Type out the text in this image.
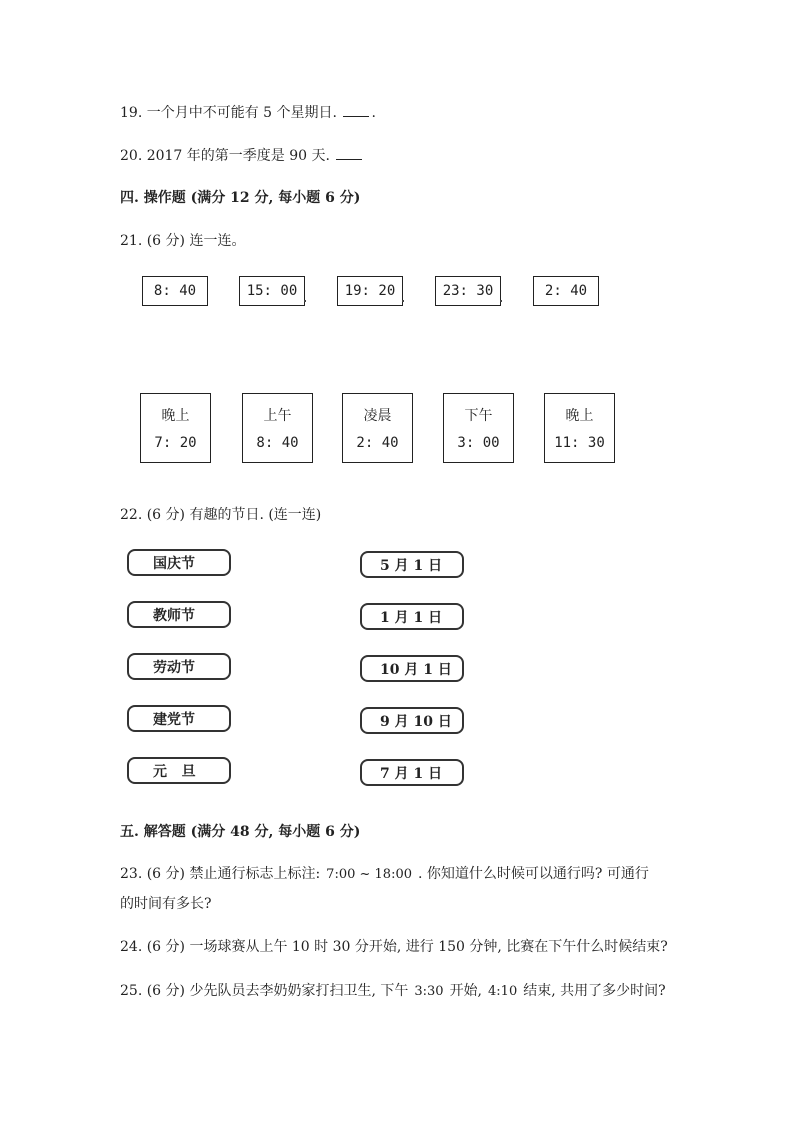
19. 一个月中不可能有 5 个星期日. .
20. 2017 年的第一季度是 90 天.
四. 操作题 (满分 12 分, 每小题 6 分)
21. (6 分) 连一连。
8: 40	15: 00	19: 20	23: 30	2: 40
晚上
7: 20
上午
8: 40
凌晨
2: 40
下午
3: 00
晚上
11: 30
22. (6 分) 有趣的节日. (连一连)
国庆节
教师节
劳动节
建党节
元   旦
5 月 1 日
1 月 1 日
10 月 1 日
9 月 10 日
7 月 1 日
五. 解答题 (满分 48 分, 每小题 6 分)
23. (6 分) 禁止通行标志上标注: 7:00 ~ 18:00 . 你知道什么时候可以通行吗? 可通行
的时间有多长?
24. (6 分) 一场球赛从上午 10 时 30 分开始, 进行 150 分钟, 比赛在下午什么时候结束?
25. (6 分) 少先队员去李奶奶家打扫卫生, 下午 3:30 开始, 4:10 结束, 共用了多少时间?
